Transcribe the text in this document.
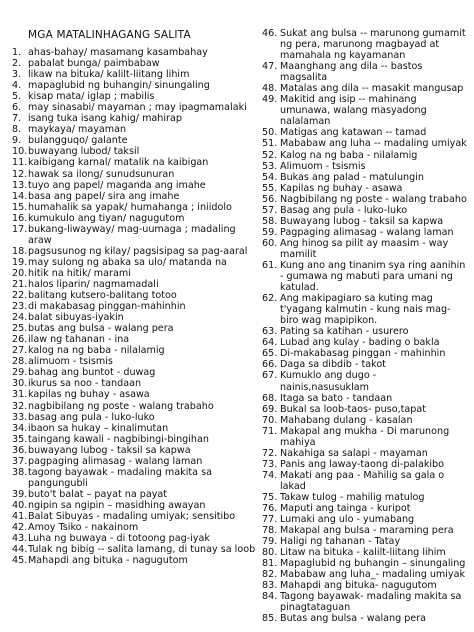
MGA MATALINHAGANG SALITA
1. ahas-bahay/ masamang kasambahay
2. pabalat bunga/ paimbabaw
3. likaw na bituka/ kalilt-liitang lihim
4. mapaglubid ng buhangin/ sinungaling
5. kisap mata/ iglap ; mabilis
6. may sinasabi/ mayaman ; may ipagmamalaki
7. isang tuka isang kahig/ mahirap
8. maykaya/ mayaman
9. bulangguqo/ galante
10. buwayang lubod/ taksil
11. kaibigang karnal/ matalik na kaibigan
12. hawak sa ilong/ sunudsunuran
13. tuyo ang papel/ maganda ang imahe
14. basa ang papel/ sira ang imahe
15. humahalik sa yapak/ humahanga ; iniidolo
16. kumukulo ang tiyan/ nagugutom
17. bukang-liwayway/ mag-uumaga ; madaling araw
18. pagsusunog ng kilay/ pagsisipag sa pag-aaral
19. may sulong ng abaka sa ulo/ matanda na
20. hitik na hitik/ marami
21. halos liparin/ nagmamadali
22. balitang kutsero-balitang totoo
23. di makabasag pinggan-mahinhin
24. balat sibuyas-iyakin
25. butas ang bulsa - walang pera
26. ilaw ng tahanan - ina
27. kalog na ng baba - nilalamig
28. alimuom - tsismis
29. bahag ang buntot - duwag
30. ikurus sa noo - tandaan
31. kapilas ng buhay - asawa
32. nagbibilang ng poste - walang trabaho
33. basag ang pula - luko-luko
34. ibaon sa hukay – kinalimutan
35. taingang kawali - nagbibingi-bingihan
36. buwayang lubog - taksil sa kapwa
37. pagpaging alimasag - walang laman
38. tagong bayawak - madaling makita sa pangungubli
39. buto't balat – payat na payat
40. ngipin sa ngipin – masidhing awayan
41. Balat Sibuyas - madaling umiyak; sensitibo
42. Amoy Tsiko - nakainom
43. Luha ng buwaya - di totoong pag-iyak
44. Tulak ng bibig -- salita lamang, di tunay sa loob
45. Mahapdi ang bituka - nagugutom
46. Sukat ang bulsa -- marunong gumamit ng pera, marunong magbayad at mamahala ng kayamanan
47. Maanghang ang dila -- bastos magsalita
48. Matalas ang dila -- masakit mangusap
49. Makitid ang isip -- mahinang umunawa, walang masyadong nalalaman
50. Matigas ang katawan -- tamad
51. Mababaw ang luha -- madaling umiyak
52. Kalog na ng baba - nilalamig
53. Alimuom - tsismis
54. Bukas ang palad - matulungin
55. Kapilas ng buhay - asawa
56. Nagbibilang ng poste - walang trabaho
57. Basag ang pula - luko-luko
58. Buwayang lubog - taksil sa kapwa
59. Pagpaging alimasag - walang laman
60. Ang hinog sa pilit ay maasim - way mamilit
61. Kung ano ang tinanim sya ring aanihin - gumawa ng mabuti para umani ng katulad.
62. Ang makipagiaro sa kuting mag t'yagang kalmutin - kung nais mag-biro wag mapipikon.
63. Pating sa katihan - usurero
64. Lubad ang kulay - bading o bakla
65. Di-makabasag pinggan - mahinhin
66. Daga sa dibdib - takot
67. Kumuklo ang dugo - nainis,nasusuklam
68. Itaga sa bato - tandaan
69. Bukal sa loob-taos- puso,tapat
70. Mahabang dulang - kasalan
71. Makapal ang mukha - Di marunong mahiya
72. Nakahiga sa salapi - mayaman
73. Panis ang laway-taong di-palakibo
74. Makati ang paa - Mahilig sa gala o lakad
75. Takaw tulog - mahilig matulog
76. Maputi ang tainga - kuripot
77. Lumaki ang ulo - yumabang
78. Makapal ang bulsa - maraming pera
79. Haligi ng tahanan - Tatay
80. Litaw na bituka - kalilt-liitang lihim
81. Mapaglubid ng buhangin – sinungaling
82. Mababaw ang luha_- madaling umiyak
83. Mahapdi ang bituka- nagugutom
84. Tagong bayawak- madaling makita sa pinagtataguan
85. Butas ang bulsa - walang pera
